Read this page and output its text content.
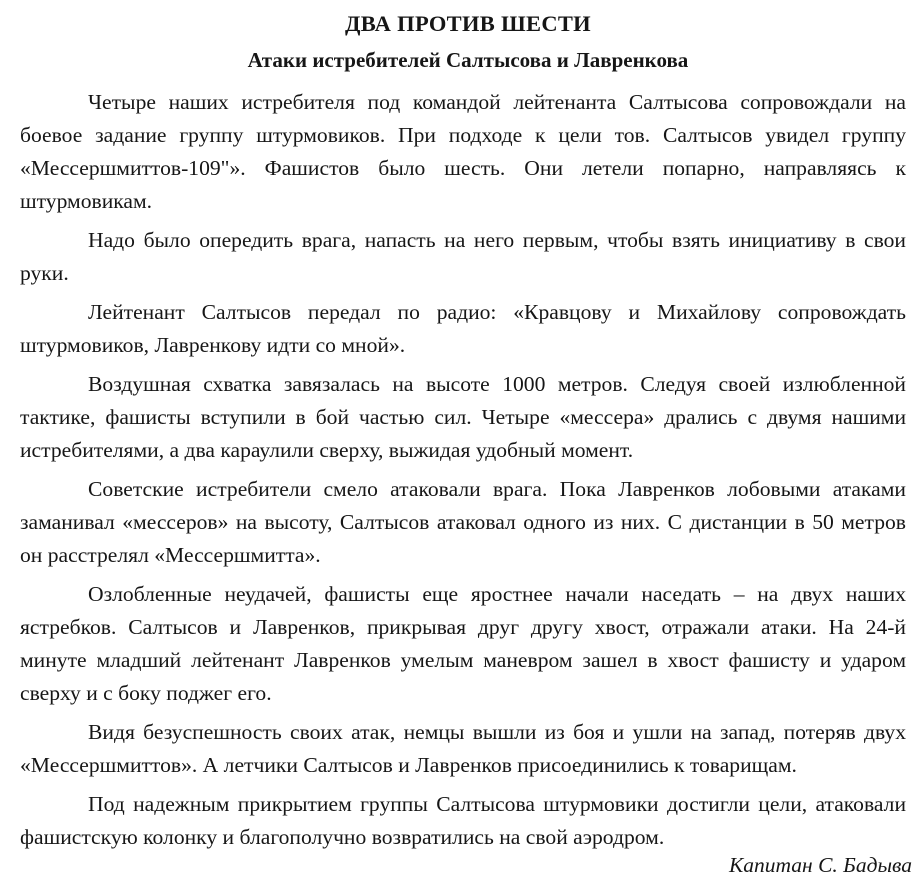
ДВА ПРОТИВ ШЕСТИ
Атаки истребителей Салтысова и Лавренкова

Четыре наших истребителя под командой лейтенанта Салтысова сопровождали на боевое задание группу штурмовиков. При подходе к цели тов. Салтысов увидел группу «Мессершмиттов-109"». Фашистов было шесть. Они летели попарно, направляясь к штурмовикам.

Надо было опередить врага, напасть на него первым, чтобы взять инициативу в свои руки.

Лейтенант Салтысов передал по радио: «Кравцову и Михайлову сопровождать штурмовиков, Лавренкову идти со мной».

Воздушная схватка завязалась на высоте 1000 метров. Следуя своей излюбленной тактике, фашисты вступили в бой частью сил. Четыре «мессера» дрались с двумя нашими истребителями, а два караулили сверху, выжидая удобный момент.

Советские истребители смело атаковали врага. Пока Лавренков лобовыми атаками заманивал «мессеров» на высоту, Салтысов атаковал одного из них. С дистанции в 50 метров он расстрелял «Мессершмитта».

Озлобленные неудачей, фашисты еще яростнее начали наседать – на двух наших ястребков. Салтысов и Лавренков, прикрывая друг другу хвост, отражали атаки. На 24-й минуте младший лейтенант Лавренков умелым маневром зашел в хвост фашисту и ударом сверху и с боку поджег его.

Видя безуспешность своих атак, немцы вышли из боя и ушли на запад, потеряв двух «Мессершмиттов». А летчики Салтысов и Лавренков присоединились к товарищам.

Под надежным прикрытием группы Салтысова штурмовики достигли цели, атаковали фашистскую колонку и благополучно возвратились на свой аэродром.

Капитан С. Бадыва
